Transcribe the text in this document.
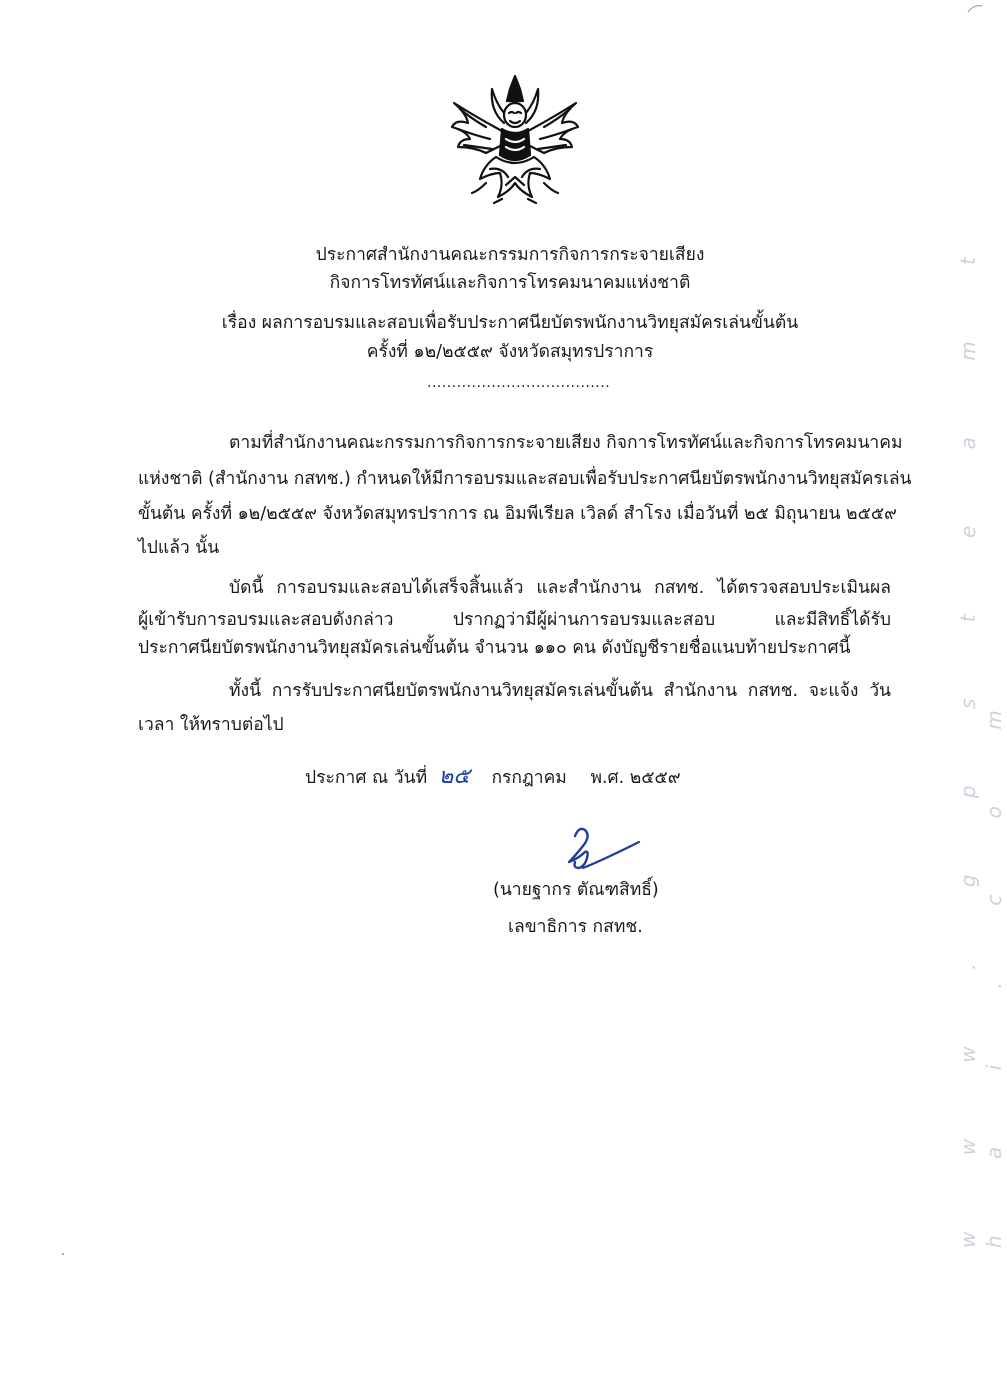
ประกาศสำนักงานคณะกรรมการกิจการกระจายเสียง
กิจการโทรทัศน์และกิจการโทรคมนาคมแห่งชาติ
เรื่อง ผลการอบรมและสอบเพื่อรับประกาศนียบัตรพนักงานวิทยุสมัครเล่นขั้นต้น
ครั้งที่ ๑๒/๒๕๕๙ จังหวัดสมุทรปราการ
.....................................
ตามที่สำนักงานคณะกรรมการกิจการกระจายเสียง กิจการโทรทัศน์และกิจการโทรคมนาคม
แห่งชาติ (สำนักงาน กสทช.) กำหนดให้มีการอบรมและสอบเพื่อรับประกาศนียบัตรพนักงานวิทยุสมัครเล่น
ขั้นต้น ครั้งที่ ๑๒/๒๕๕๙ จังหวัดสมุทรปราการ ณ อิมพีเรียล เวิลด์ สำโรง เมื่อวันที่ ๒๕ มิถุนายน ๒๕๕๙
ไปแล้ว นั้น
บัดนี้ การอบรมและสอบได้เสร็จสิ้นแล้ว และสำนักงาน กสทช. ได้ตรวจสอบประเมินผล
ผู้เข้ารับการอบรมและสอบดังกล่าว ปรากฏว่ามีผู้ผ่านการอบรมและสอบ และมีสิทธิ์ได้รับ
ประกาศนียบัตรพนักงานวิทยุสมัครเล่นขั้นต้น จำนวน ๑๑๐ คน ดังบัญชีรายชื่อแนบท้ายประกาศนี้
ทั้งนี้ การรับประกาศนียบัตรพนักงานวิทยุสมัครเล่นขั้นต้น สำนักงาน กสทช. จะแจ้ง วัน
เวลา ให้ทราบต่อไป
ประกาศ ณ วันที่ ๒๕ กรกฎาคม พ.ศ. ๒๕๕๙
(นายฐากร ตัณฑสิทธิ์)
เลขาธิการ กสทช.	w w w . g p s t e a m t h a i . c o m
